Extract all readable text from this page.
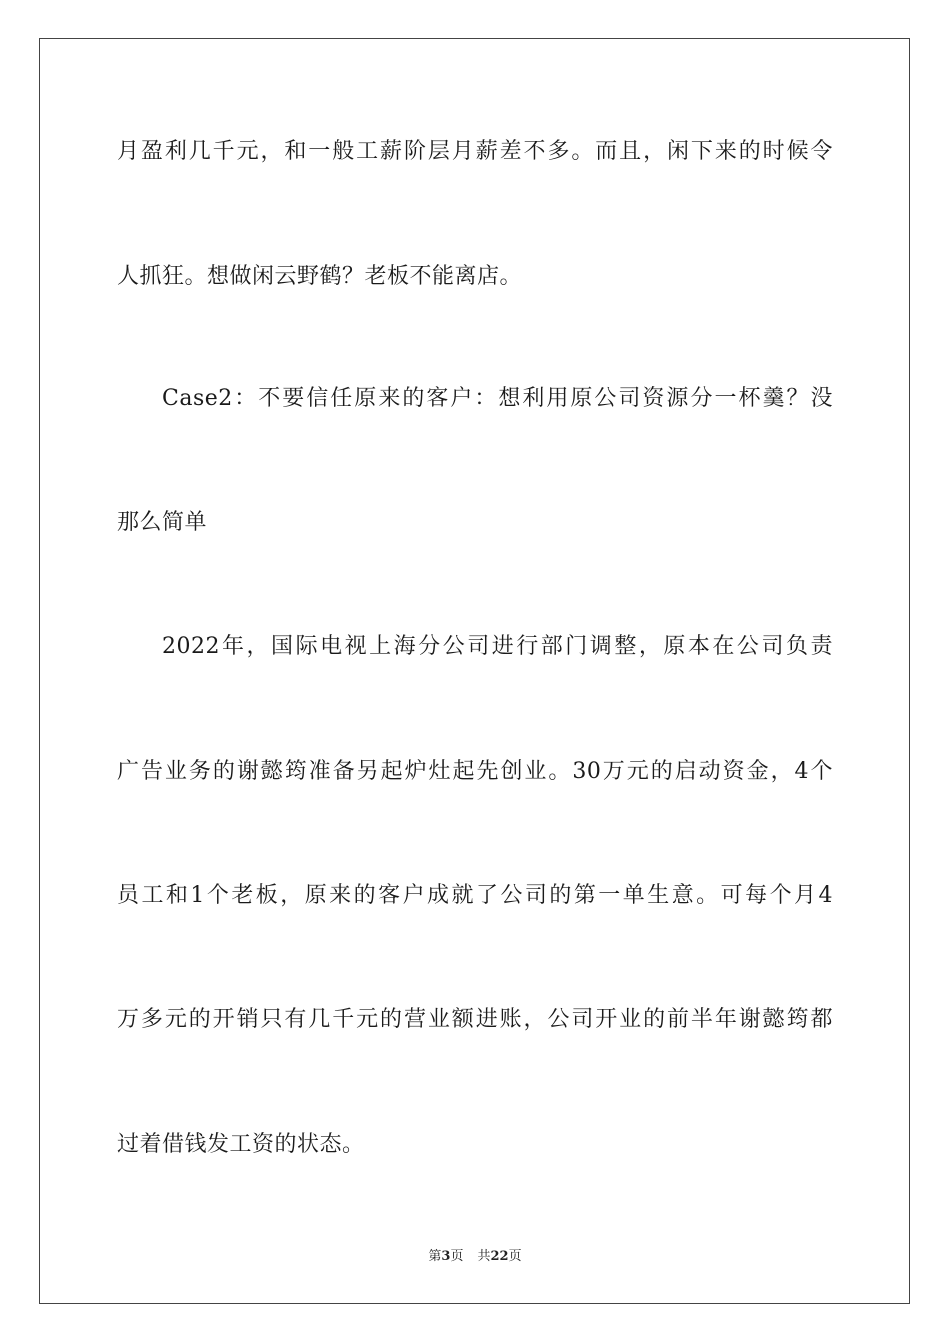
月盈利几千元，和一般工薪阶层月薪差不多。而且，闲下来的时候令
人抓狂。想做闲云野鹤？老板不能离店。
Case2：不要信任原来的客户：想利用原公司资源分一杯羹？没
那么简单
2022年，国际电视上海分公司进行部门调整，原本在公司负责
广告业务的谢懿筠准备另起炉灶起先创业。30万元的启动资金，4个
员工和1个老板，原来的客户成就了公司的第一单生意。可每个月4
万多元的开销只有几千元的营业额进账，公司开业的前半年谢懿筠都
过着借钱发工资的状态。
第3页 共22页
